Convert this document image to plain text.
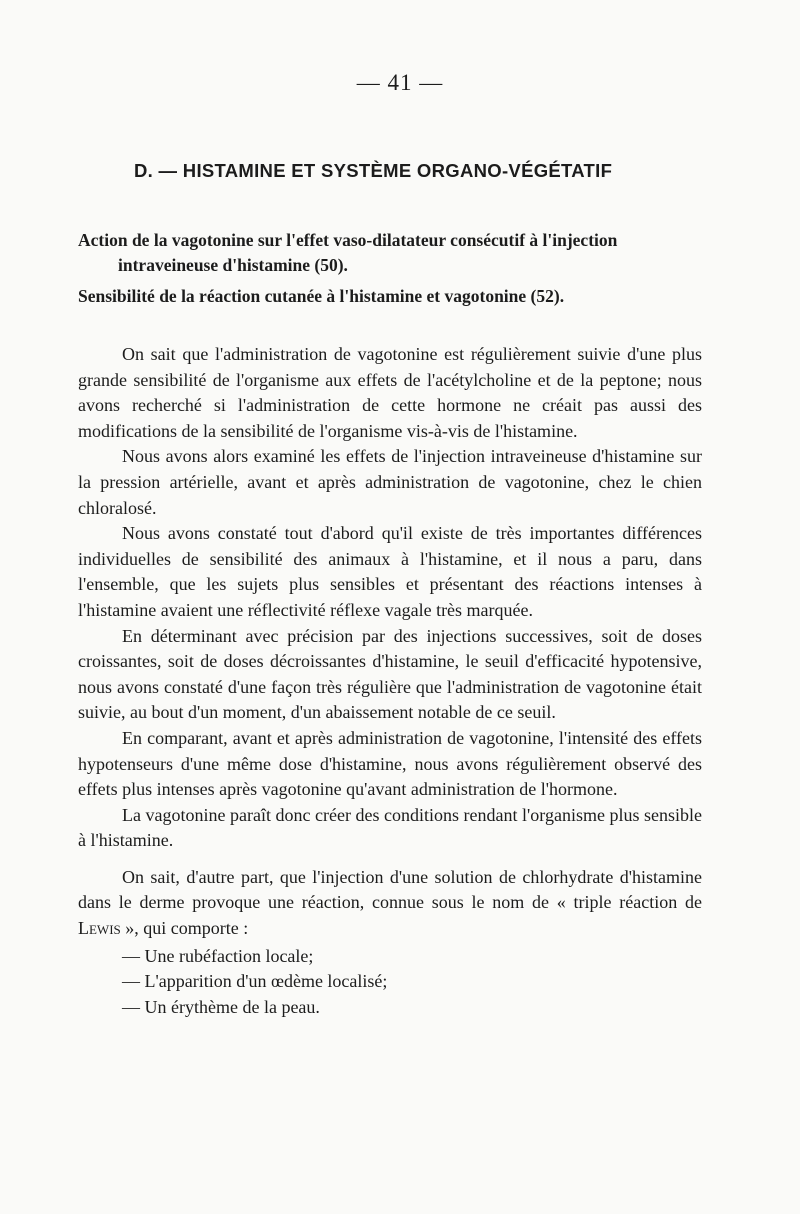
— 41 —
D. — HISTAMINE ET SYSTÈME ORGANO-VÉGÉTATIF
Action de la vagotonine sur l'effet vaso-dilatateur consécutif à l'injection intraveineuse d'histamine (50).
Sensibilité de la réaction cutanée à l'histamine et vagotonine (52).

On sait que l'administration de vagotonine est régulièrement suivie d'une plus grande sensibilité de l'organisme aux effets de l'acétylcholine et de la peptone; nous avons recherché si l'administration de cette hormone ne créait pas aussi des modifications de la sensibilité de l'organisme vis-à-vis de l'histamine.

Nous avons alors examiné les effets de l'injection intraveineuse d'histamine sur la pression artérielle, avant et après administration de vagotonine, chez le chien chloralosé.

Nous avons constaté tout d'abord qu'il existe de très importantes différences individuelles de sensibilité des animaux à l'histamine, et il nous a paru, dans l'ensemble, que les sujets plus sensibles et présentant des réactions intenses à l'histamine avaient une réflectivité réflexe vagale très marquée.

En déterminant avec précision par des injections successives, soit de doses croissantes, soit de doses décroissantes d'histamine, le seuil d'efficacité hypotensive, nous avons constaté d'une façon très régulière que l'administration de vagotonine était suivie, au bout d'un moment, d'un abaissement notable de ce seuil.

En comparant, avant et après administration de vagotonine, l'intensité des effets hypotenseurs d'une même dose d'histamine, nous avons régulièrement observé des effets plus intenses après vagotonine qu'avant administration de l'hormone.

La vagotonine paraît donc créer des conditions rendant l'organisme plus sensible à l'histamine.

On sait, d'autre part, que l'injection d'une solution de chlorhydrate d'histamine dans le derme provoque une réaction, connue sous le nom de « triple réaction de Lewis », qui comporte :

— Une rubéfaction locale;
— L'apparition d'un œdème localisé;
— Un érythème de la peau.
